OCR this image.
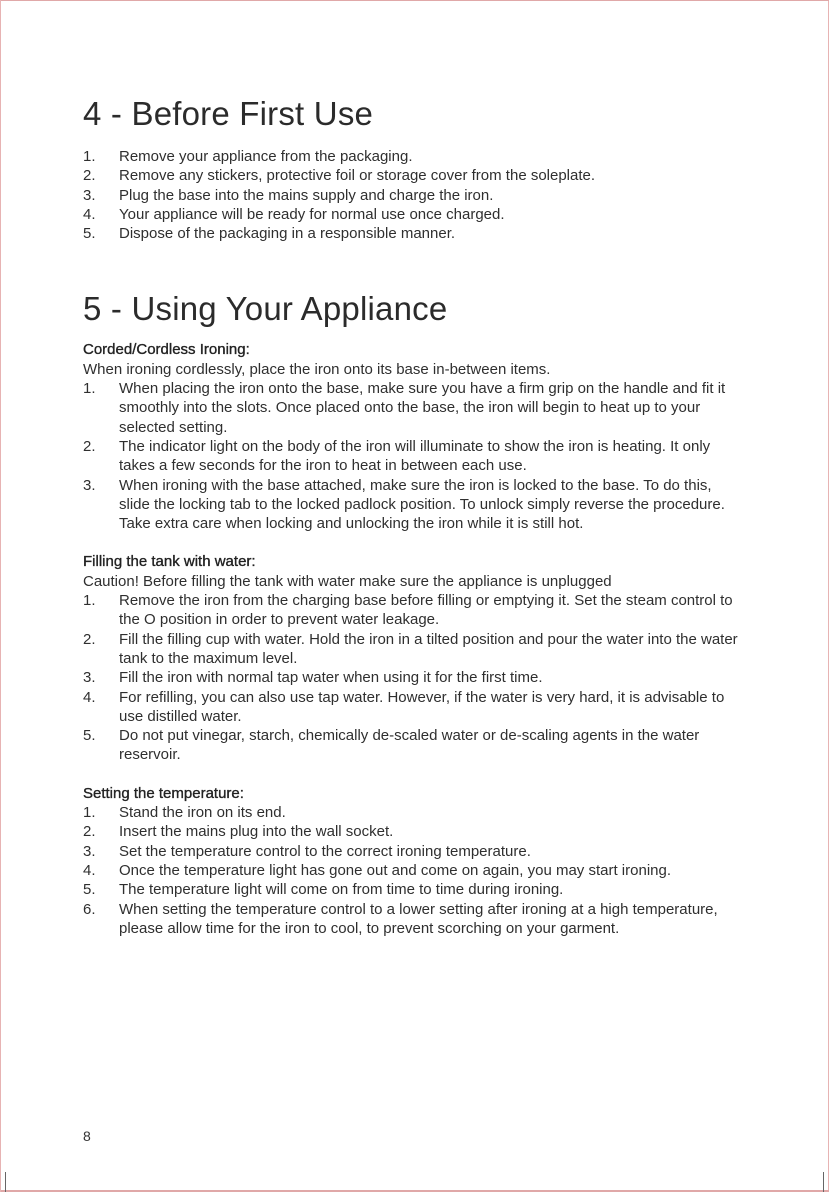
4 - Before First Use
1. Remove your appliance from the packaging.
2. Remove any stickers, protective foil or storage cover from the soleplate.
3. Plug the base into the mains supply and charge the iron.
4. Your appliance will be ready for normal use once charged.
5. Dispose of the packaging in a responsible manner.
5 - Using Your Appliance
Corded/Cordless Ironing:
When ironing cordlessly, place the iron onto its base in-between items.
1. When placing the iron onto the base, make sure you have a firm grip on the handle and fit it smoothly into the slots. Once placed onto the base, the iron will begin to heat up to your selected setting.
2. The indicator light on the body of the iron will illuminate to show the iron is heating. It only takes a few seconds for the iron to heat in between each use.
3. When ironing with the base attached, make sure the iron is locked to the base. To do this, slide the locking tab to the locked padlock position. To unlock simply reverse the procedure. Take extra care when locking and unlocking the iron while it is still hot.
Filling the tank with water:
Caution! Before filling the tank with water make sure the appliance is unplugged
1. Remove the iron from the charging base before filling or emptying it. Set the steam control to the O position in order to prevent water leakage.
2. Fill the filling cup with water. Hold the iron in a tilted position and pour the water into the water tank to the maximum level.
3. Fill the iron with normal tap water when using it for the first time.
4. For refilling, you can also use tap water. However, if the water is very hard, it is advisable to use distilled water.
5. Do not put vinegar, starch, chemically de-scaled water or de-scaling agents in the water reservoir.
Setting the temperature:
1. Stand the iron on its end.
2. Insert the mains plug into the wall socket.
3. Set the temperature control to the correct ironing temperature.
4. Once the temperature light has gone out and come on again, you may start ironing.
5. The temperature light will come on from time to time during ironing.
6. When setting the temperature control to a lower setting after ironing at a high temperature, please allow time for the iron to cool, to prevent scorching on your garment.
8
